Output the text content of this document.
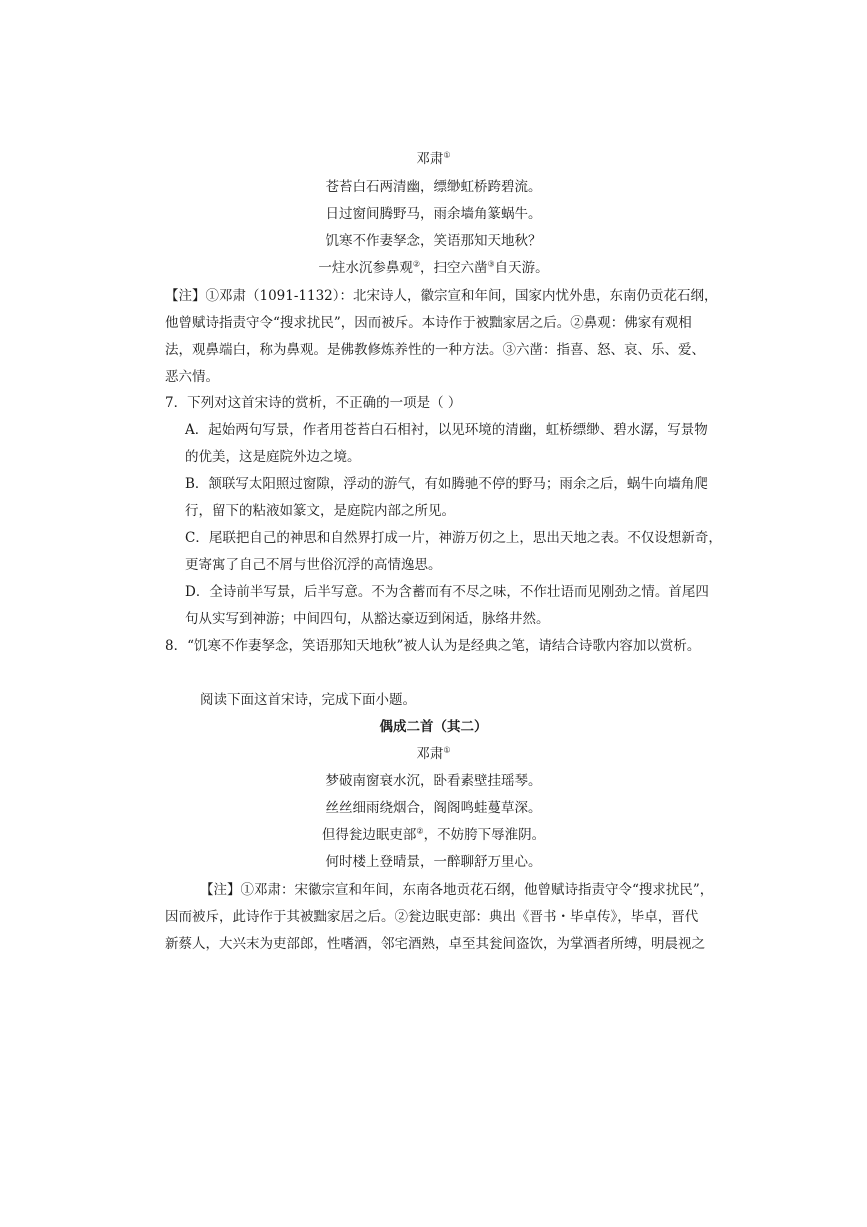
邓肃①
苍苔白石两清幽，缥缈虹桥跨碧流。
日过窗间腾野马，雨余墙角篆蜗牛。
饥寒不作妻孥念，笑语那知天地秋？
一炷水沉参鼻观②，扫空六凿③自天游。
【注】①邓肃（1091-1132）：北宋诗人，徽宗宣和年间，国家内忧外患，东南仍贡花石纲，
他曾赋诗指责守令“搜求扰民”，因而被斥。本诗作于被黜家居之后。②鼻观：佛家有观相
法，观鼻端白，称为鼻观。是佛教修炼养性的一种方法。③六凿：指喜、怒、哀、乐、爱、
恶六情。
7．下列对这首宋诗的赏析，不正确的一项是（ ）
A．起始两句写景，作者用苍苔白石相衬，以见环境的清幽，虹桥缥缈、碧水潺，写景物
的优美，这是庭院外边之境。
B．颔联写太阳照过窗隙，浮动的游气，有如腾驰不停的野马；雨余之后，蜗牛向墙角爬
行，留下的粘液如篆文，是庭院内部之所见。
C．尾联把自己的神思和自然界打成一片，神游万仞之上，思出天地之表。不仅设想新奇，
更寄寓了自己不屑与世俗沉浮的高情逸思。
D．全诗前半写景，后半写意。不为含蓄而有不尽之味，不作壮语而见刚劲之情。首尾四
句从实写到神游；中间四句，从豁达豪迈到闲适，脉络井然。
8．“饥寒不作妻孥念，笑语那知天地秋”被人认为是经典之笔，请结合诗歌内容加以赏析。
阅读下面这首宋诗，完成下面小题。
偶成二首（其二）
邓肃①
梦破南窗衰水沉，卧看素壁挂瑶琴。
丝丝细雨绕烟合，阁阁鸣蛙蔓草深。
但得瓮边眠吏部②，不妨胯下辱淮阴。
何时楼上登晴景，一醉聊舒万里心。
【注】①邓肃：宋徽宗宣和年间，东南各地贡花石纲，他曾赋诗指责守令“搜求扰民”，
因而被斥，此诗作于其被黜家居之后。②瓮边眠吏部：典出《晋书・毕卓传》，毕卓，晋代
新蔡人，大兴末为吏部郎，性嗜酒，邻宅酒熟，卓至其瓮间盗饮，为掌酒者所缚，明晨视之
